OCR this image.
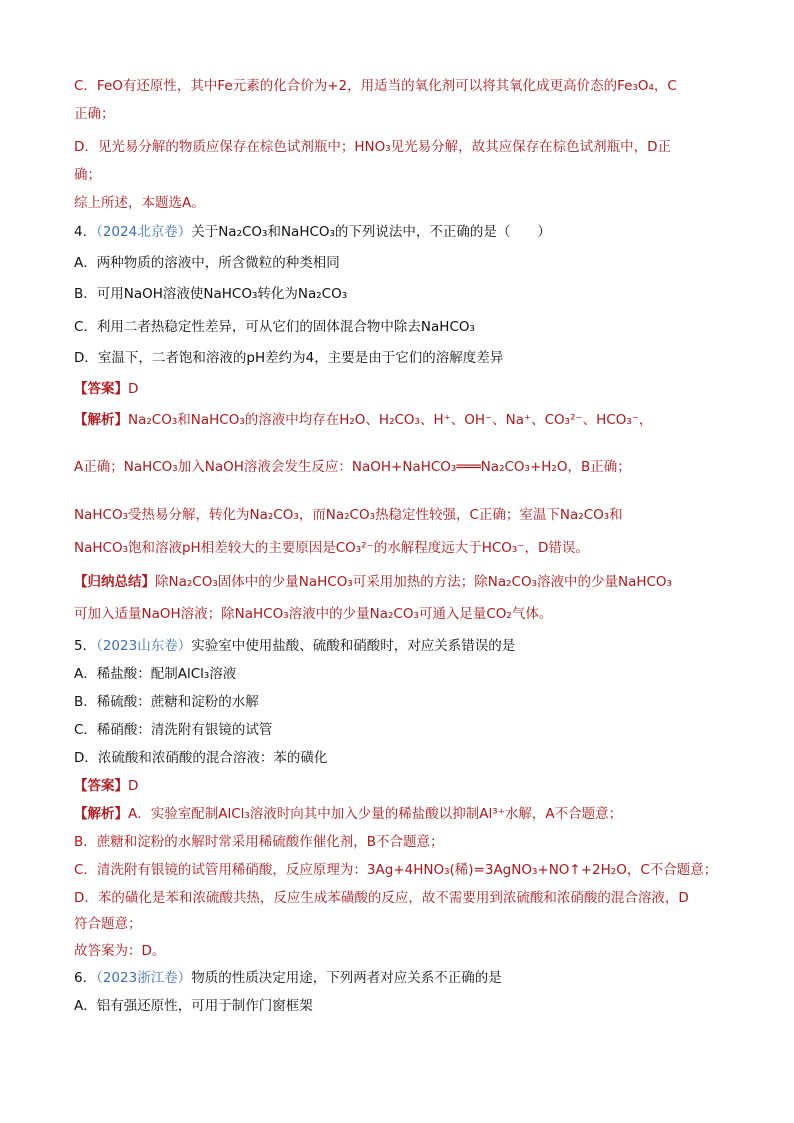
C．FeO有还原性，其中Fe元素的化合价为+2，用适当的氧化剂可以将其氧化成更高价态的Fe₃O₄，C
正确；
D．见光易分解的物质应保存在棕色试剂瓶中；HNO₃见光易分解，故其应保存在棕色试剂瓶中，D正
确；
综上所述，本题选A。
4．（2024北京卷）关于Na₂CO₃和NaHCO₃的下列说法中，不正确的是（　　）
A．两种物质的溶液中，所含微粒的种类相同
B．可用NaOH溶液使NaHCO₃转化为Na₂CO₃
C．利用二者热稳定性差异，可从它们的固体混合物中除去NaHCO₃
D．室温下，二者饱和溶液的pH差约为4，主要是由于它们的溶解度差异
【答案】D
【解析】Na₂CO₃和NaHCO₃的溶液中均存在H₂O、H₂CO₃、H⁺、OH⁻、Na⁺、CO₃²⁻、HCO₃⁻，
A正确；NaHCO₃加入NaOH溶液会发生反应：NaOH+NaHCO₃═══Na₂CO₃+H₂O，B正确；
NaHCO₃受热易分解，转化为Na₂CO₃，而Na₂CO₃热稳定性较强，C正确；室温下Na₂CO₃和
NaHCO₃饱和溶液pH相差较大的主要原因是CO₃²⁻的水解程度远大于HCO₃⁻，D错误。
【归纳总结】除Na₂CO₃固体中的少量NaHCO₃可采用加热的方法；除Na₂CO₃溶液中的少量NaHCO₃
可加入适量NaOH溶液；除NaHCO₃溶液中的少量Na₂CO₃可通入足量CO₂气体。
5．（2023山东卷）实验室中使用盐酸、硫酸和硝酸时，对应关系错误的是
A．稀盐酸：配制AlCl₃溶液
B．稀硫酸：蔗糖和淀粉的水解
C．稀硝酸：清洗附有银镜的试管
D．浓硫酸和浓硝酸的混合溶液：苯的磺化
【答案】D
【解析】A．实验室配制AlCl₃溶液时向其中加入少量的稀盐酸以抑制Al³⁺水解，A不合题意；
B．蔗糖和淀粉的水解时常采用稀硫酸作催化剂，B不合题意；
C．清洗附有银镜的试管用稀硝酸，反应原理为：3Ag+4HNO₃(稀)=3AgNO₃+NO↑+2H₂O，C不合题意；
D．苯的磺化是苯和浓硫酸共热，反应生成苯磺酸的反应，故不需要用到浓硫酸和浓硝酸的混合溶液，D
符合题意；
故答案为：D。
6．（2023浙江卷）物质的性质决定用途，下列两者对应关系不正确的是
A．铝有强还原性，可用于制作门窗框架
